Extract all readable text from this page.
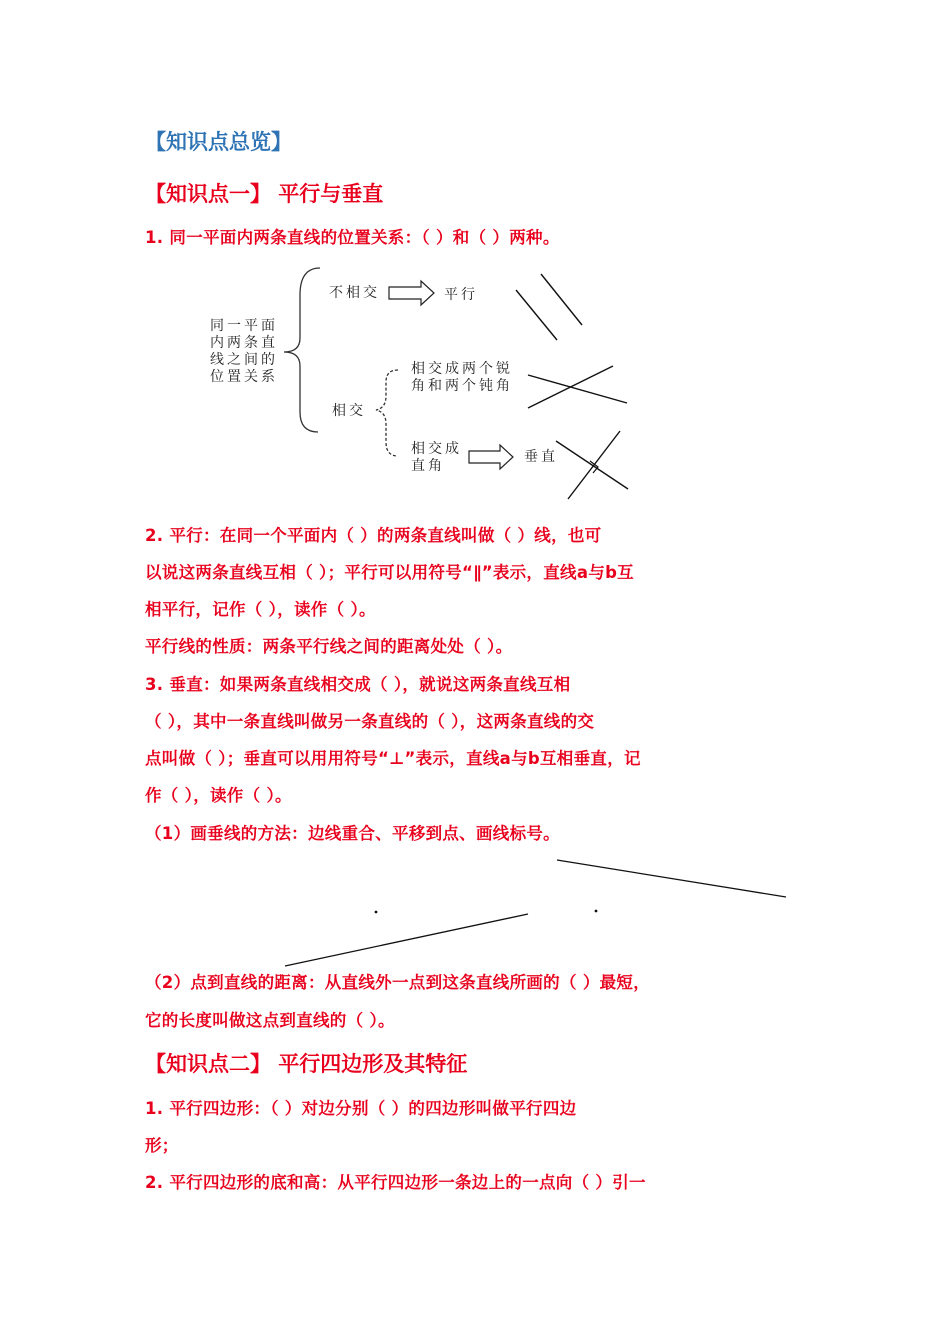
【知识点总览】
【知识点一】 平行与垂直
1. 同一平面内两条直线的位置关系：（ ）和（ ）两种。
同一平面
内两条直
线之间的
位置关系
不相交	平行
相交
相交成两个锐
角和两个钝角
相交成
直角
垂直
2. 平行：在同一个平面内（ ）的两条直线叫做（ ）线，也可
以说这两条直线互相（ ）；平行可以用符号“∥”表示，直线a与b互
相平行，记作（ ），读作（ ）。
平行线的性质：两条平行线之间的距离处处（ ）。
3. 垂直：如果两条直线相交成（ ），就说这两条直线互相
（ ），其中一条直线叫做另一条直线的（ ），这两条直线的交
点叫做（ ）；垂直可以用用符号“⊥”表示，直线a与b互相垂直，记
作（ ），读作（ ）。
（1）画垂线的方法：边线重合、平移到点、画线标号。
（2）点到直线的距离：从直线外一点到这条直线所画的（ ）最短，
它的长度叫做这点到直线的（ ）。
【知识点二】 平行四边形及其特征
1. 平行四边形：（ ）对边分别（ ）的四边形叫做平行四边
形；
2. 平行四边形的底和高：从平行四边形一条边上的一点向（ ）引一
